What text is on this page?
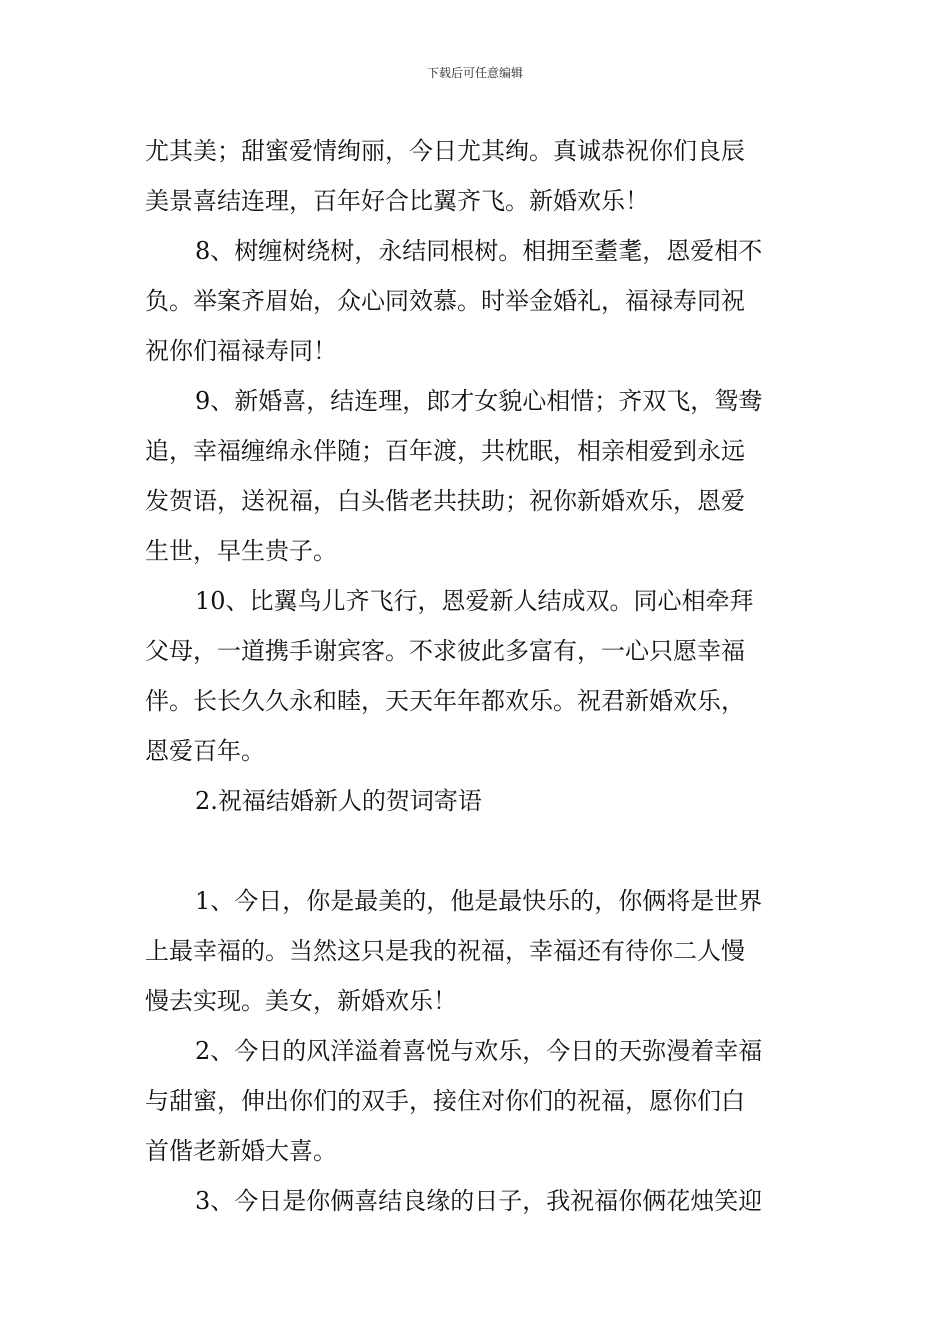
下载后可任意编辑
尤其美；甜蜜爱情绚丽，今日尤其绚。真诚恭祝你们良辰
美景喜结连理，百年好合比翼齐飞。新婚欢乐！
8、树缠树绕树，永结同根树。相拥至耋耄，恩爱相不
负。举案齐眉始，众心同效慕。时举金婚礼，福禄寿同祝
祝你们福禄寿同！
9、新婚喜，结连理，郎才女貌心相惜；齐双飞，鸳鸯
追，幸福缠绵永伴随；百年渡，共枕眠，相亲相爱到永远
发贺语，送祝福，白头偕老共扶助；祝你新婚欢乐，恩爱
生世，早生贵子。
10、比翼鸟儿齐飞行，恩爱新人结成双。同心相牵拜
父母，一道携手谢宾客。不求彼此多富有，一心只愿幸福
伴。长长久久永和睦，天天年年都欢乐。祝君新婚欢乐，
恩爱百年。
2.祝福结婚新人的贺词寄语
1、今日，你是最美的，他是最快乐的，你俩将是世界
上最幸福的。当然这只是我的祝福，幸福还有待你二人慢
慢去实现。美女，新婚欢乐！
2、今日的风洋溢着喜悦与欢乐，今日的天弥漫着幸福
与甜蜜，伸出你们的双手，接住对你们的祝福，愿你们白
首偕老新婚大喜。
3、今日是你俩喜结良缘的日子，我祝福你俩花烛笑迎
